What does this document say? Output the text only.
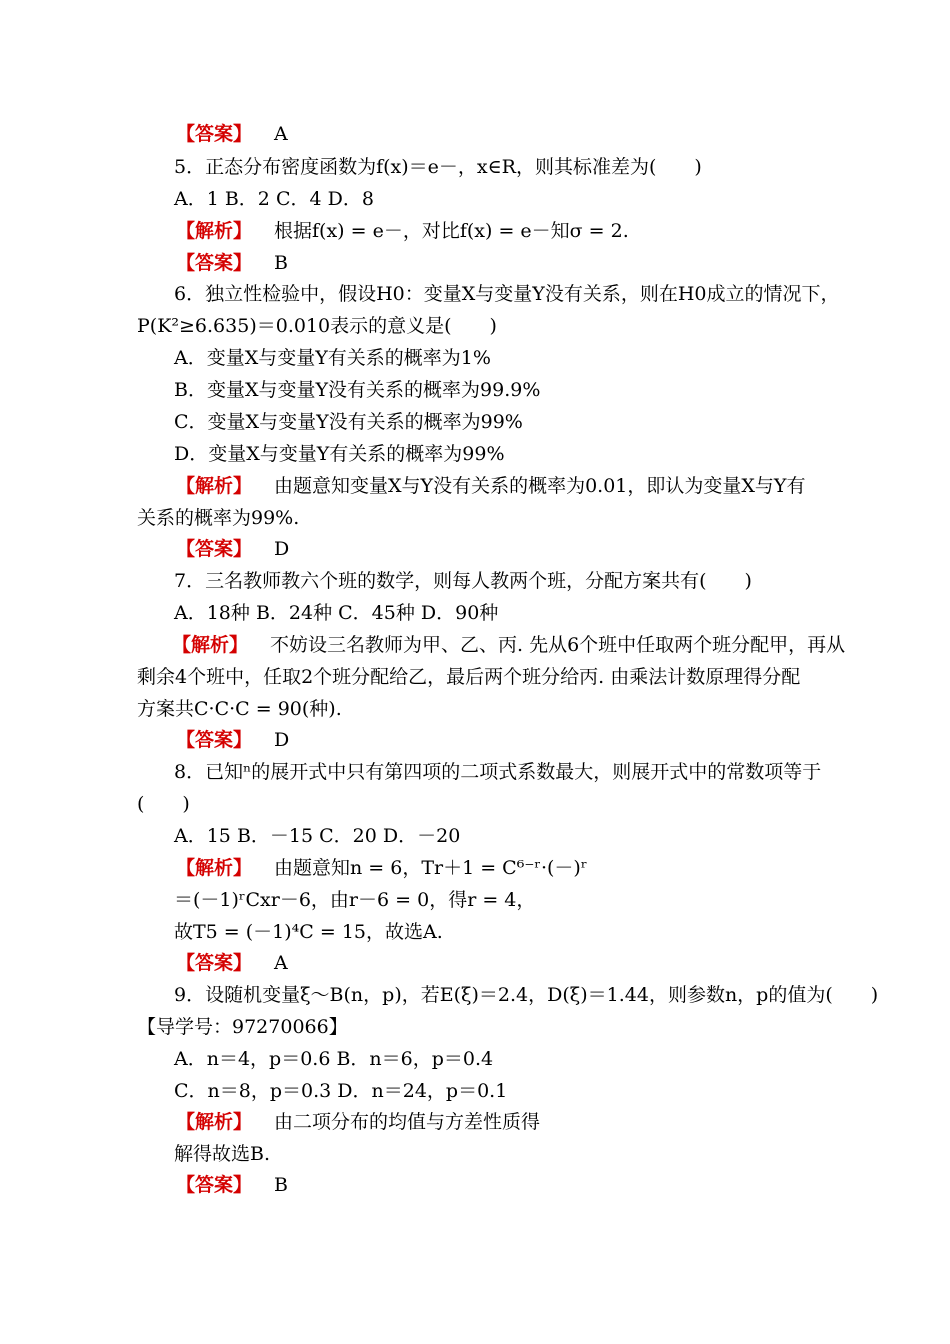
【答案】 A
5．正态分布密度函数为f(x)＝e－，x∈R，则其标准差为(　　)
A．1 B．2 C．4 D．8
【解析】 根据f(x) = e－，对比f(x) = e－知σ = 2.
【答案】 B
6．独立性检验中，假设H0：变量X与变量Y没有关系，则在H0成立的情况下，
P(K²≥6.635)＝0.010表示的意义是(　　)
A．变量X与变量Y有关系的概率为1%
B．变量X与变量Y没有关系的概率为99.9%
C．变量X与变量Y没有关系的概率为99%
D．变量X与变量Y有关系的概率为99%
【解析】 由题意知变量X与Y没有关系的概率为0.01，即认为变量X与Y有
关系的概率为99%.
【答案】 D
7．三名教师教六个班的数学，则每人教两个班，分配方案共有(　　)
A．18种 B．24种 C．45种 D．90种
【解析】 不妨设三名教师为甲、乙、丙. 先从6个班中任取两个班分配甲，再从
剩余4个班中，任取2个班分配给乙，最后两个班分给丙. 由乘法计数原理得分配
方案共C·C·C = 90(种).
【答案】 D
8．已知ⁿ的展开式中只有第四项的二项式系数最大，则展开式中的常数项等于
(　　)
A．15 B．－15 C．20 D．－20
【解析】 由题意知n = 6，Tr＋1 = C⁶⁻ʳ·(－)ʳ
＝(－1)ʳCxr－6，由r－6 = 0，得r = 4，
故T5 = (－1)⁴C = 15，故选A.
【答案】 A
9．设随机变量ξ～B(n，p)，若E(ξ)＝2.4，D(ξ)＝1.44，则参数n，p的值为(　　)
【导学号：97270066】
A．n＝4，p＝0.6 B．n＝6，p＝0.4
C．n＝8，p＝0.3 D．n＝24，p＝0.1
【解析】 由二项分布的均值与方差性质得
解得故选B.
【答案】 B
